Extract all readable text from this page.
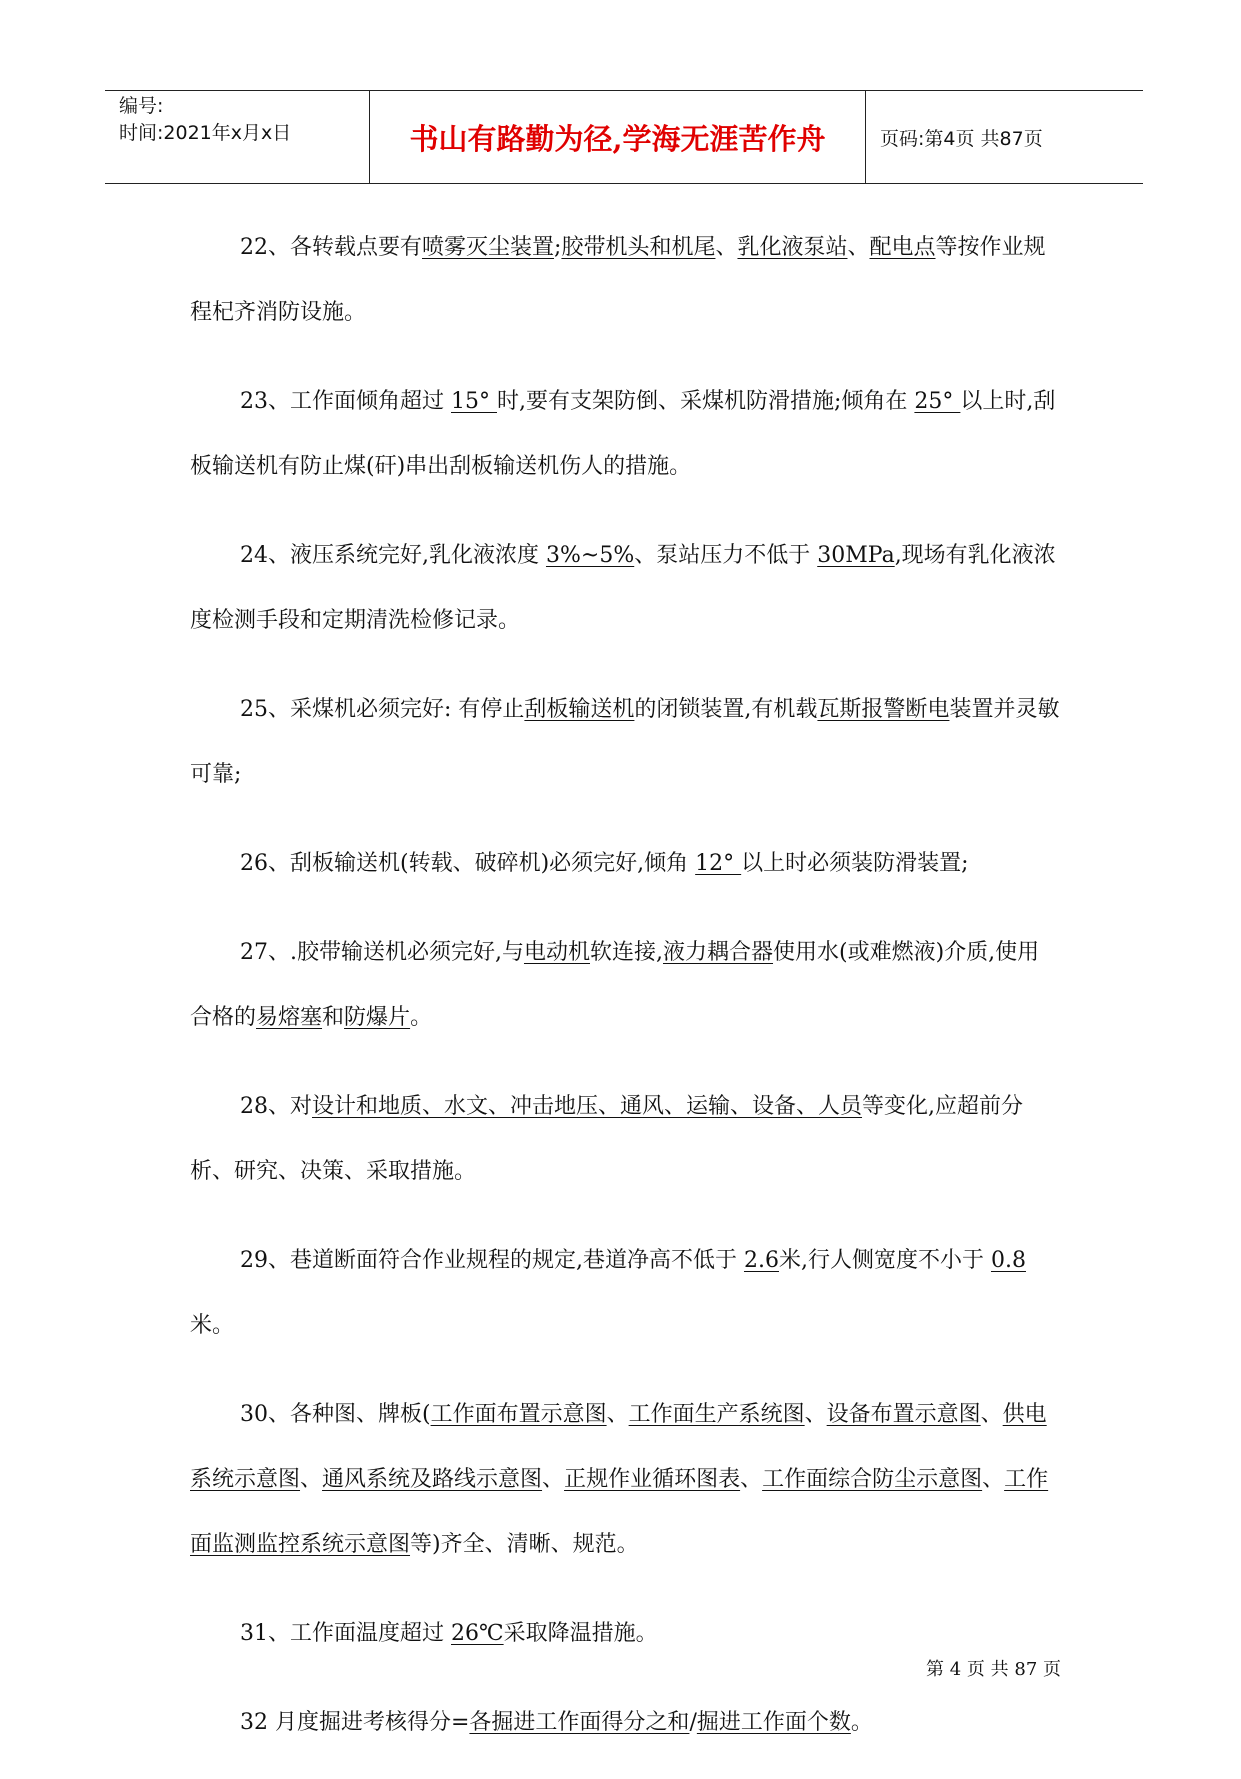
编号:
时间:2021年x月x日	书山有路勤为径,学海无涯苦作舟	页码:第4页 共87页

22、各转载点要有喷雾灭尘装置;胶带机头和机尾、乳化液泵站、配电点等按作业规程杞齐消防设施。

23、工作面倾角超过 15° 时,要有支架防倒、采煤机防滑措施;倾角在 25° 以上时,刮板输送机有防止煤(矸)串出刮板输送机伤人的措施。

24、液压系统完好,乳化液浓度 3%~5%、泵站压力不低于 30MPa,现场有乳化液浓度检测手段和定期清洗检修记录。

25、采煤机必须完好: 有停止刮板输送机的闭锁装置,有机载瓦斯报警断电装置并灵敏可靠;

26、刮板输送机(转载、破碎机)必须完好,倾角 12° 以上时必须装防滑装置;

27、.胶带输送机必须完好,与电动机软连接,液力耦合器使用水(或难燃液)介质,使用合格的易熔塞和防爆片。

28、对设计和地质、水文、冲击地压、通风、运输、设备、人员等变化,应超前分析、研究、决策、采取措施。

29、巷道断面符合作业规程的规定,巷道净高不低于 2.6米,行人侧宽度不小于 0.8米。

30、各种图、牌板(工作面布置示意图、工作面生产系统图、设备布置示意图、供电系统示意图、通风系统及路线示意图、正规作业循环图表、工作面综合防尘示意图、工作面监测监控系统示意图等)齐全、清晰、规范。

31、工作面温度超过 26℃采取降温措施。

32 月度掘进考核得分=各掘进工作面得分之和/掘进工作面个数。

第 4 页 共 87 页
